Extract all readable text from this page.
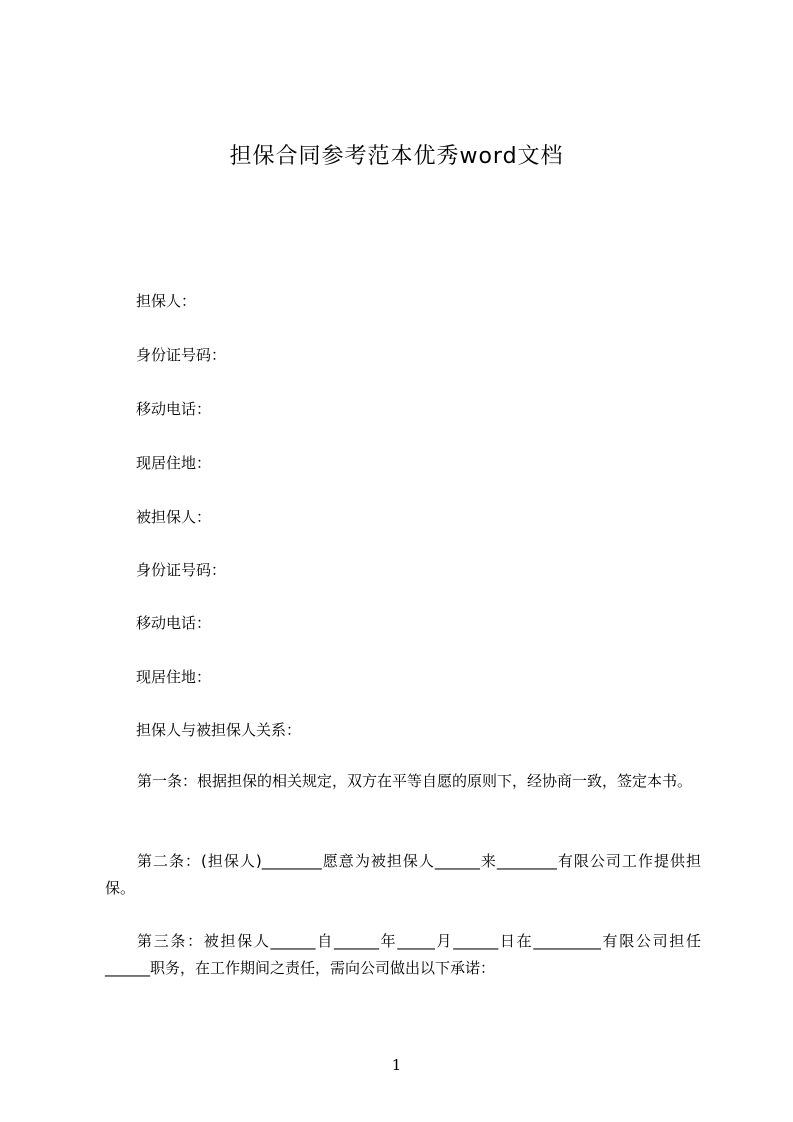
担保合同参考范本优秀word文档
担保人：
身份证号码：
移动电话：
现居住地：
被担保人：
身份证号码：
移动电话：
现居住地：
担保人与被担保人关系：
第一条：根据担保的相关规定，双方在平等自愿的原则下，经协商一致，签定本书。
第二条：(担保人)________愿意为被担保人______来________有限公司工作提供担保。
第三条：被担保人______自______年_____月______日在_________有限公司担任______职务，在工作期间之责任，需向公司做出以下承诺：
1
